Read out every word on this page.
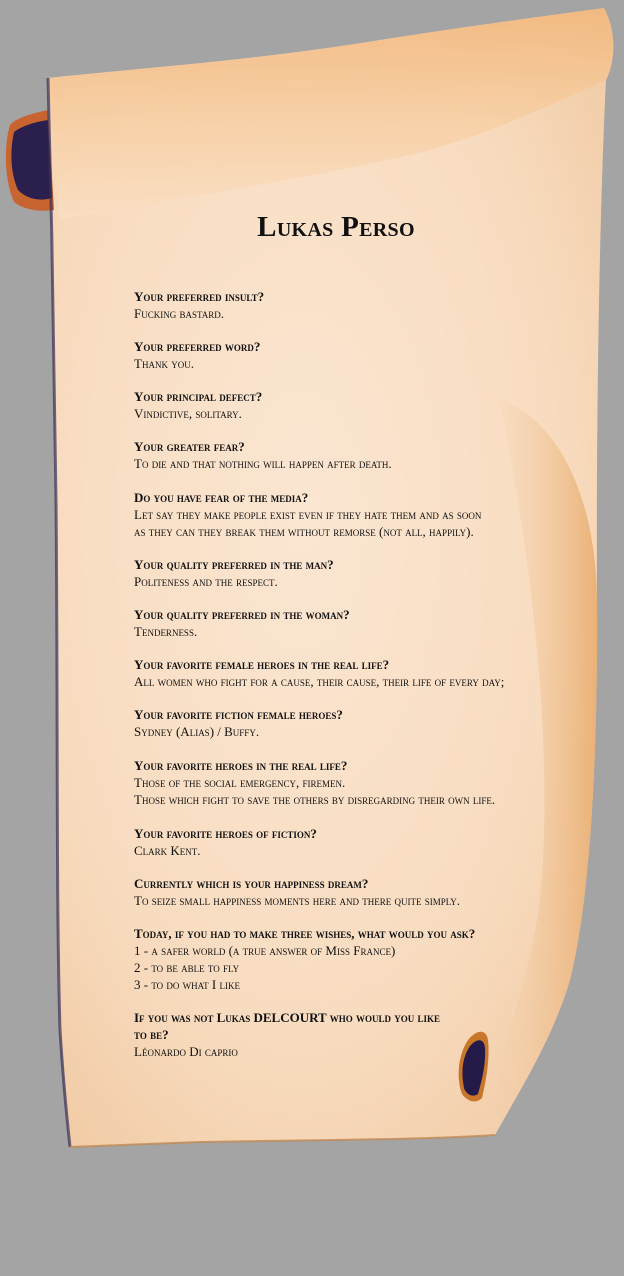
Lukas Perso

Your preferred insult?

Fucking bastard.

Your preferred word?

Thank you.

Your principal defect?

Vindictive, solitary.

Your greater fear?

To die and that nothing will happen after death.

Do you have fear of the media?

Let say they make people exist even if they hate them and as soon
as they can they break them without remorse (not all, happily).

Your quality preferred in the man?

Politeness and the respect.

Your quality preferred in the woman?

Tenderness.

Your favorite female heroes in the real life?

All women who fight for a cause, their cause, their life of every day;

Your favorite fiction female heroes?

Sydney (Alias) / Buffy.

Your favorite heroes in the real life?

Those of the social emergency, firemen.
Those which fight to save the others by disregarding their own life.

Your favorite heroes of fiction?

Clark Kent.

Currently which is your happiness dream?

To seize small happiness moments here and there quite simply.

Today, if you had to make three wishes, what would you ask?

1 - a safer world (a true answer of Miss France)
2 - to be able to fly
3 - to do what I like

If you was not Lukas DELCOURT who would you like
to be?

Léonardo Di caprio
